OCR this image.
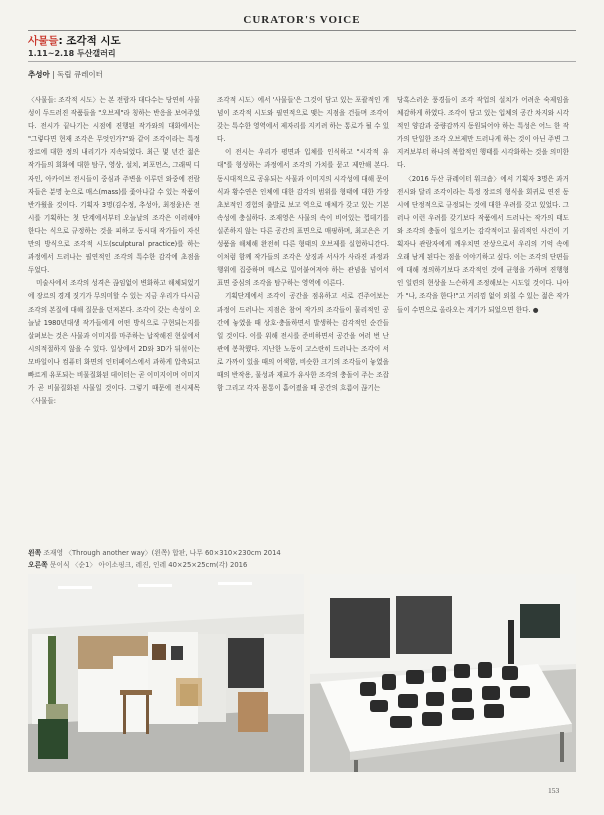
CURATOR'S VOICE
사물들: 조각적 시도
1.11~2.18 두산갤러리
추성아 | 독립 큐레이터

〈사물들: 조각적 시도〉는 본 전람자 대다수는 당연히 사물성이 두드러진 작품들을 "오브제"라 칭하는 반응을 보여주었다. 전시가 끝나기는 시점에 진행된 작가와의 대화에서는 "그렇다면 현재 조각은 무엇인가?"와 같이 조각이라는 특정 장르에 대한 정의 내리기가 지속되었다. 최근 몇 년간 젊은 작가들의 회화에 대한 탐구, 영상, 설치, 퍼포먼스, 그래픽 디자인, 아카이브 전시들이 중심과 주변을 이루던 와중에 전람자들은 분명 눈으로 매스(mass)를 좇아나갈 수 있는 작품이 반가웠을 것이다. 기획자 3명(김수정, 추성아, 최정윤)은 전시를 기획하는 첫 단계에서부터 오늘날의 조각은 이러해야 한다는 식으로 규정하는 것을 피하고 동시대 작가들이 자신만의 방식으로 조각적 시도(sculptural practice)를 하는 과정에서 드러나는 필연적인 조각의 특수한 감각에 초점을 두었다.

미술사에서 조각의 성격은 끊임없이 변화하고 해체되었기에 장르의 경계 짓기가 무의미할 수 있는 지금 우리가 다시금 조각의 본질에 대해 질문을 던져본다. 조각이 갖는 속성이 오늘날 1980년대생 작가들에게 어떤 방식으로 구현되는지를 살펴보는 것은 사물과 이미지를 마주하는 납작해진 현실에서 시의적절하지 않을 수 있다. 일상에서 2D와 3D가 뒤섞이는 모바일이나 컴퓨터 화면의 인터페이스에서 과하게 압축되고 빠르게 유포되는 비물질화된 데이터는 곧 이미지이며 이미지가 곧 비물질화된 사물일 것이다. 그렇기 때문에 전시제목 〈사물들:

조각적 시도〉에서 '사물들'은 그것이 담고 있는 포괄적인 개념이 조각적 시도와 필연적으로 맺는 지점을 건들며 조각이 갖는 특수한 영역에서 제자리를 지키려 하는 통로가 될 수 있다.

이 전시는 우리가 평면과 입체를 인식하고 "시각적 유대"를 형성하는 과정에서 조각의 가치를 묻고 제안해 본다. 동시대적으로 공유되는 사물과 이미지의 시각성에 대해 문이식과 황수연은 인체에 대한 감각의 범위를 형태에 대한 가장 초보적인 경험의 출발로 보고 역으로 매체가 갖고 있는 기본 속성에 충실하다. 조재영은 사물의 속이 비어있는 껍데기를 실존하지 않는 다른 공간의 표면으로 매핑하며, 최고은은 기성품을 해체해 완전히 다른 형태의 오브제를 실험하니간다. 이처럼 함께 작가들의 조각은 상징과 서사가 사라진 과정과 행위에 집중하며 매스로 밀어붙여져야 하는 관념을 넘어서 표면 중심의 조각을 탐구하는 영역에 이른다.

기획단계에서 조각이 공간을 점유하고 서로 견주어보는 과정이 드러나는 지점은 참여 작가의 조각들이 물리적인 공간에 놓였을 때 상호·충돌하면서 발생하는 감각적인 순간들일 것이다. 이를 위해 전시를 준비하면서 공간을 여러 번 난관에 봉착했다. 지난한 노동이 고스란히 드러나는 조각이 서로 가까이 있을 때의 어색함, 비슷한 크기의 조각들이 놓였을 때의 반작용, 물성과 재료가 유사한 조각의 충돌이 주는 조잡함 그리고 각자 몸통이 흩어졌을 때 공간의 흐름이 끊기는

당혹스러운 풍경들이 조각 작업의 설치가 어려운 숙제임을 체감하게 하였다. 조각이 담고 있는 입체의 공간 차지와 시각적인 양감과 중량감까지 동원되어야 하는 특성은 어느 한 작가의 단일한 조각 오브제만 드러나게 하는 것이 아닌 주변 그 지켜보부터 하나의 복합적인 행태를 시각화하는 것을 의미한다.

〈2016 두산 큐레이터 워크숍〉에서 기획자 3명은 과거 전시와 달리 조각이라는 특정 장르의 형식을 회귀로 연진 동시에 단정적으로 규정되는 것에 대한 우려를 갖고 있었다. 그러나 이런 우려를 갖기보다 작품에서 드러나는 작가의 태도와 조각의 충돌이 일으키는 감각적이고 물리적인 사건이 기획자나 관람자에게 깨우치면 잔상으로서 우리의 기억 속에 오래 남게 된다는 점을 이야기하고 싶다. 이는 조각의 단편들에 대해 정의하기보다 조각적인 것에 균형을 가하며 진행형인 일련의 현상을 느슨하게 조정해보는 시도일 것이다. 나아가 "나, 조각을 한다!"고 거리낌 없이 외칠 수 있는 젊은 작가들이 수면으로 올라오는 계기가 되었으면 한다. ●

왼쪽 조재영 〈Through another way〉(왼쪽) 합판, 나무 60×310×230cm 2014
오른쪽 문이식 〈순1〉 아이소핑크, 레진, 인레 40×25×25cm(각) 2016
153
